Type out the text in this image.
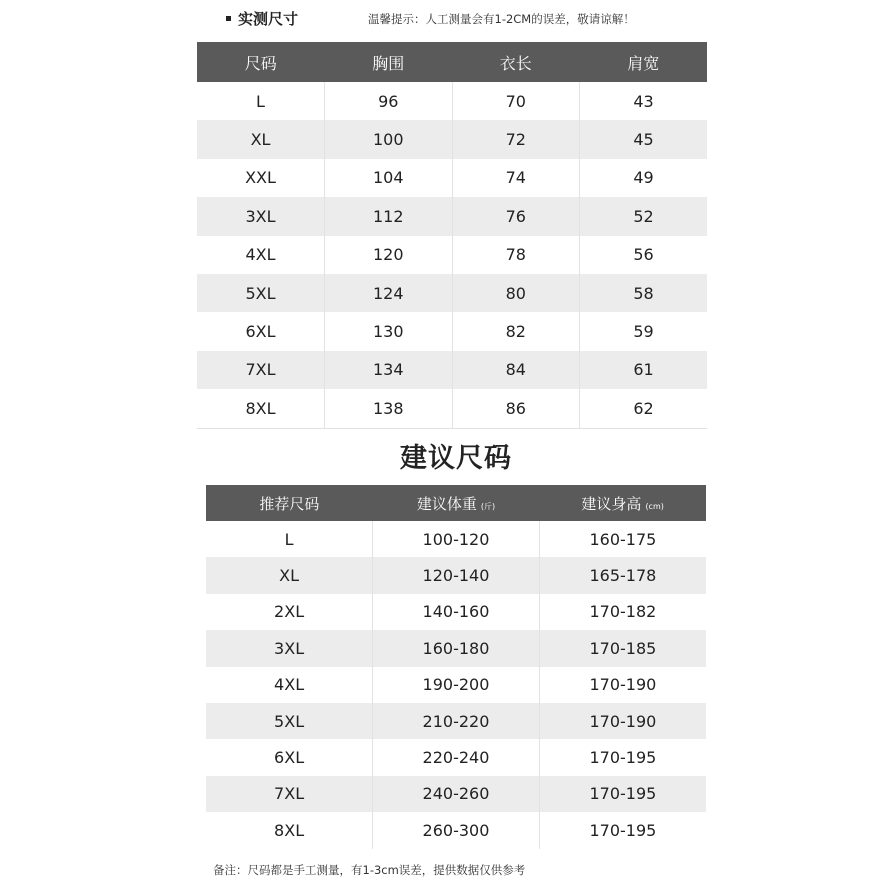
实测尺寸	温馨提示：人工测量会有1-2CM的误差，敬请谅解！
尺码	胸围	衣长	肩宽
L	96	70	43
XL	100	72	45
XXL	104	74	49
3XL	112	76	52
4XL	120	78	56
5XL	124	80	58
6XL	130	82	59
7XL	134	84	61
8XL	138	86	62
建议尺码
推荐尺码	建议体重 (斤)	建议身高 (cm)
L	100-120	160-175
XL	120-140	165-178
2XL	140-160	170-182
3XL	160-180	170-185
4XL	190-200	170-190
5XL	210-220	170-190
6XL	220-240	170-195
7XL	240-260	170-195
8XL	260-300	170-195
备注：尺码都是手工测量，有1-3cm误差，提供数据仅供参考
